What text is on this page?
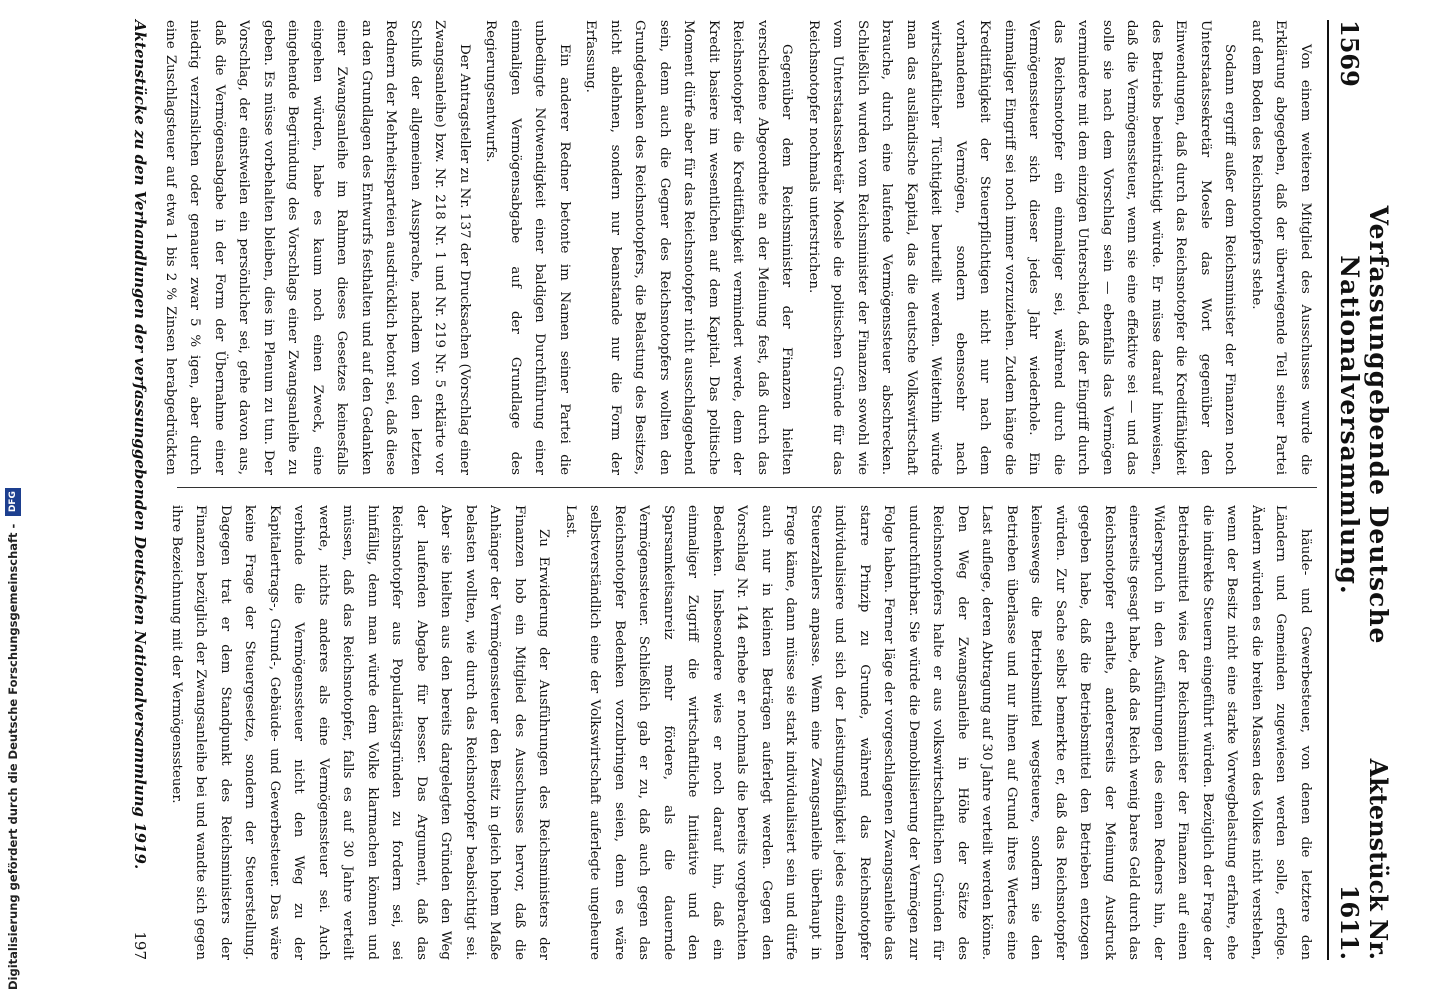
1569
Verfassunggebende Deutsche Nationalversammlung.
Aktenstück Nr. 1611.

Von einem weiteren Mitglied des Ausschusses wurde die Erklärung abgegeben, daß der überwiegende Teil seiner Partei auf dem Boden des Reichsnotopfers stehe.

Sodann ergriff außer dem Reichsminister der Finanzen noch Unterstaatssekretär Moesle das Wort gegenüber den Einwendungen, daß durch das Reichsnotopfer die Kreditfähigkeit des Betriebs beeinträchtigt würde. Er müsse darauf hinweisen, daß die Vermögenssteuer, wenn sie eine effektive sei — und das solle sie nach dem Vorschlag sein — ebenfalls das Vermögen vermindere mit dem einzigen Unterschied, daß der Eingriff durch das Reichsnotopfer ein einmaliger sei, während durch die Vermögenssteuer sich dieser jedes Jahr wiederhole. Ein einmaliger Eingriff sei noch immer vorzuziehen. Zudem hänge die Kreditfähigkeit der Steuerpflichtigen nicht nur nach dem vorhandenen Vermögen, sondern ebensosehr nach wirtschaftlicher Tüchtigkeit beurteilt werden. Weiterhin würde man das ausländische Kapital, das die deutsche Volkswirtschaft brauche, durch eine laufende Vermögenssteuer abschrecken. Schließlich wurden vom Reichsminister der Finanzen sowohl wie vom Unterstaatssekretär Moesle die politischen Gründe für das Reichsnotopfer nochmals unterstrichen.

Gegenüber dem Reichsminister der Finanzen hielten verschiedene Abgeordnete an der Meinung fest, daß durch das Reichsnotopfer die Kreditfähigkeit vermindert werde, denn der Kredit basiere im wesentlichen auf dem Kapital. Das politische Moment dürfe aber für das Reichsnotopfer nicht ausschlaggebend sein, denn auch die Gegner des Reichsnotopfers wollten den Grundgedanken des Reichsnotopfers, die Belastung des Besitzes, nicht ablehnen, sondern nur beanstande nur die Form der Erfassung.

Ein anderer Redner betonte im Namen seiner Partei die unbedingte Notwendigkeit einer baldigen Durchführung einer einmaligen Vermögensabgabe auf der Grundlage des Regierungsentwurfs.

Der Antragsteller zu Nr. 137 der Drucksachen (Vorschlag einer Zwangsanleihe) bzw. Nr. 218 Nr. 1 und Nr. 219 Nr. 5 erklärte vor Schluß der allgemeinen Aussprache, nachdem von den letzten Rednern der Mehrheitsparteien ausdrücklich betont sei, daß diese an den Grundlagen des Entwurfs festhalten und auf den Gedanken einer Zwangsanleihe im Rahmen dieses Gesetzes keinesfalls eingehen würden, habe es kaum noch einen Zweck, eine eingehende Begründung des Vorschlags einer Zwangsanleihe zu geben. Es müsse vorbehalten bleiben, dies im Plenum zu tun. Der Vorschlag, der einstweilen ein persönlicher sei, gehe davon aus, daß die Vermögensabgabe in der Form der Übernahme einer niedrig verzinslichen oder genauer zwar 5 % igen, aber durch eine Zuschlagsteuer auf etwa 1 bis 2 % Zinsen herabgedrückten

häude- und Gewerbesteuer, von denen die letztere den Ländern und Gemeinden zugewiesen werden solle, erfolge. Ändern würden es die breiten Massen des Volkes nicht verstehen, wenn der Besitz nicht eine starke Vorwegbelastung erfahre, ehe die indirekte Steuern eingeführt würden. Bezüglich der Frage der Betriebsmittel wies der Reichsminister der Finanzen auf einen Widerspruch in den Ausführungen des einen Redners hin, der einerseits gesagt habe, daß das Reich wenig bares Geld durch das Reichsnotopfer erhalte, andererseits der Meinung Ausdruck gegeben habe, daß die Betriebsmittel den Betrieben entzogen würden. Zur Sache selbst bemerkte er, daß das Reichsnotopfer keineswegs die Betriebsmittel wegsteuere, sondern sie den Betrieben überlasse und nur ihnen auf Grund ihres Wertes eine Last auflege, deren Abtragung auf 30 Jahre verteilt werden könne. Den Weg der Zwangsanleihe in Höhe der Sätze des Reichsnotopfers halte er aus volkswirtschaftlichen Gründen für undurchführbar. Sie würde die Demobilisierung der Vermögen zur Folge haben. Ferner läge der vorgeschlagenen Zwangsanleihe das starre Prinzip zu Grunde, während das Reichsnotopfer individualisiere und sich der Leistungsfähigkeit jedes einzelnen Steuerzahlers anpasse. Wenn eine Zwangsanleihe überhaupt in Frage käme, dann müsse sie stark individualisiert sein und dürfe auch nur in kleinen Beträgen auferlegt werden. Gegen den Vorschlag Nr. 144 erhebe er nochmals die bereits vorgebrachten Bedenken. Insbesondere wies er noch darauf hin, daß ein einmaliger Zugriff die wirtschaftliche Initiative und den Sparsamkeitsanreiz mehr fördere, als die dauernde Vermögenssteuer. Schließlich gab er zu, daß auch gegen das Reichsnotopfer Bedenken vorzubringen seien, denn es wäre selbstverständlich eine der Volkswirtschaft auferlegte ungeheure Last.

Zu Erwiderung der Ausführungen des Reichsministers der Finanzen hob ein Mitglied des Ausschusses hervor, daß die Anhänger der Vermögenssteuer den Besitz in gleich hohem Maße belasten wollten, wie durch das Reichsnotopfer beabsichtigt sei. Aber sie hielten aus den bereits dargelegten Gründen den Weg der laufenden Abgabe für besser. Das Argument, daß das Reichsnotopfer aus Popularitätsgründen zu fordern sei, sei hinfällig, denn man würde dem Volke klarmachen können und müssen, daß das Reichsnotopfer, falls es auf 30 Jahre verteilt werde, nichts anderes als eine Vermögenssteuer sei. Auch verbinde die Vermögenssteuer nicht den Weg zu der Kapitalertrags-, Grund-, Gebäude- und Gewerbesteuer. Das wäre keine Frage der Steuergesetze, sondern der Steuerstellung. Dagegen trat er dem Standpunkt des Reichsministers der Finanzen bezüglich der Zwangsanleihe bei und wandte sich gegen ihre Bezeichnung mit der Vermögenssteuer.

Aktenstücke zu den Verhandlungen der verfassunggebenden Deutschen Nationalversammlung 1919.
197
Digitalisierung gefördert durch die Deutsche Forschungsgemeinschaft -
DFG
